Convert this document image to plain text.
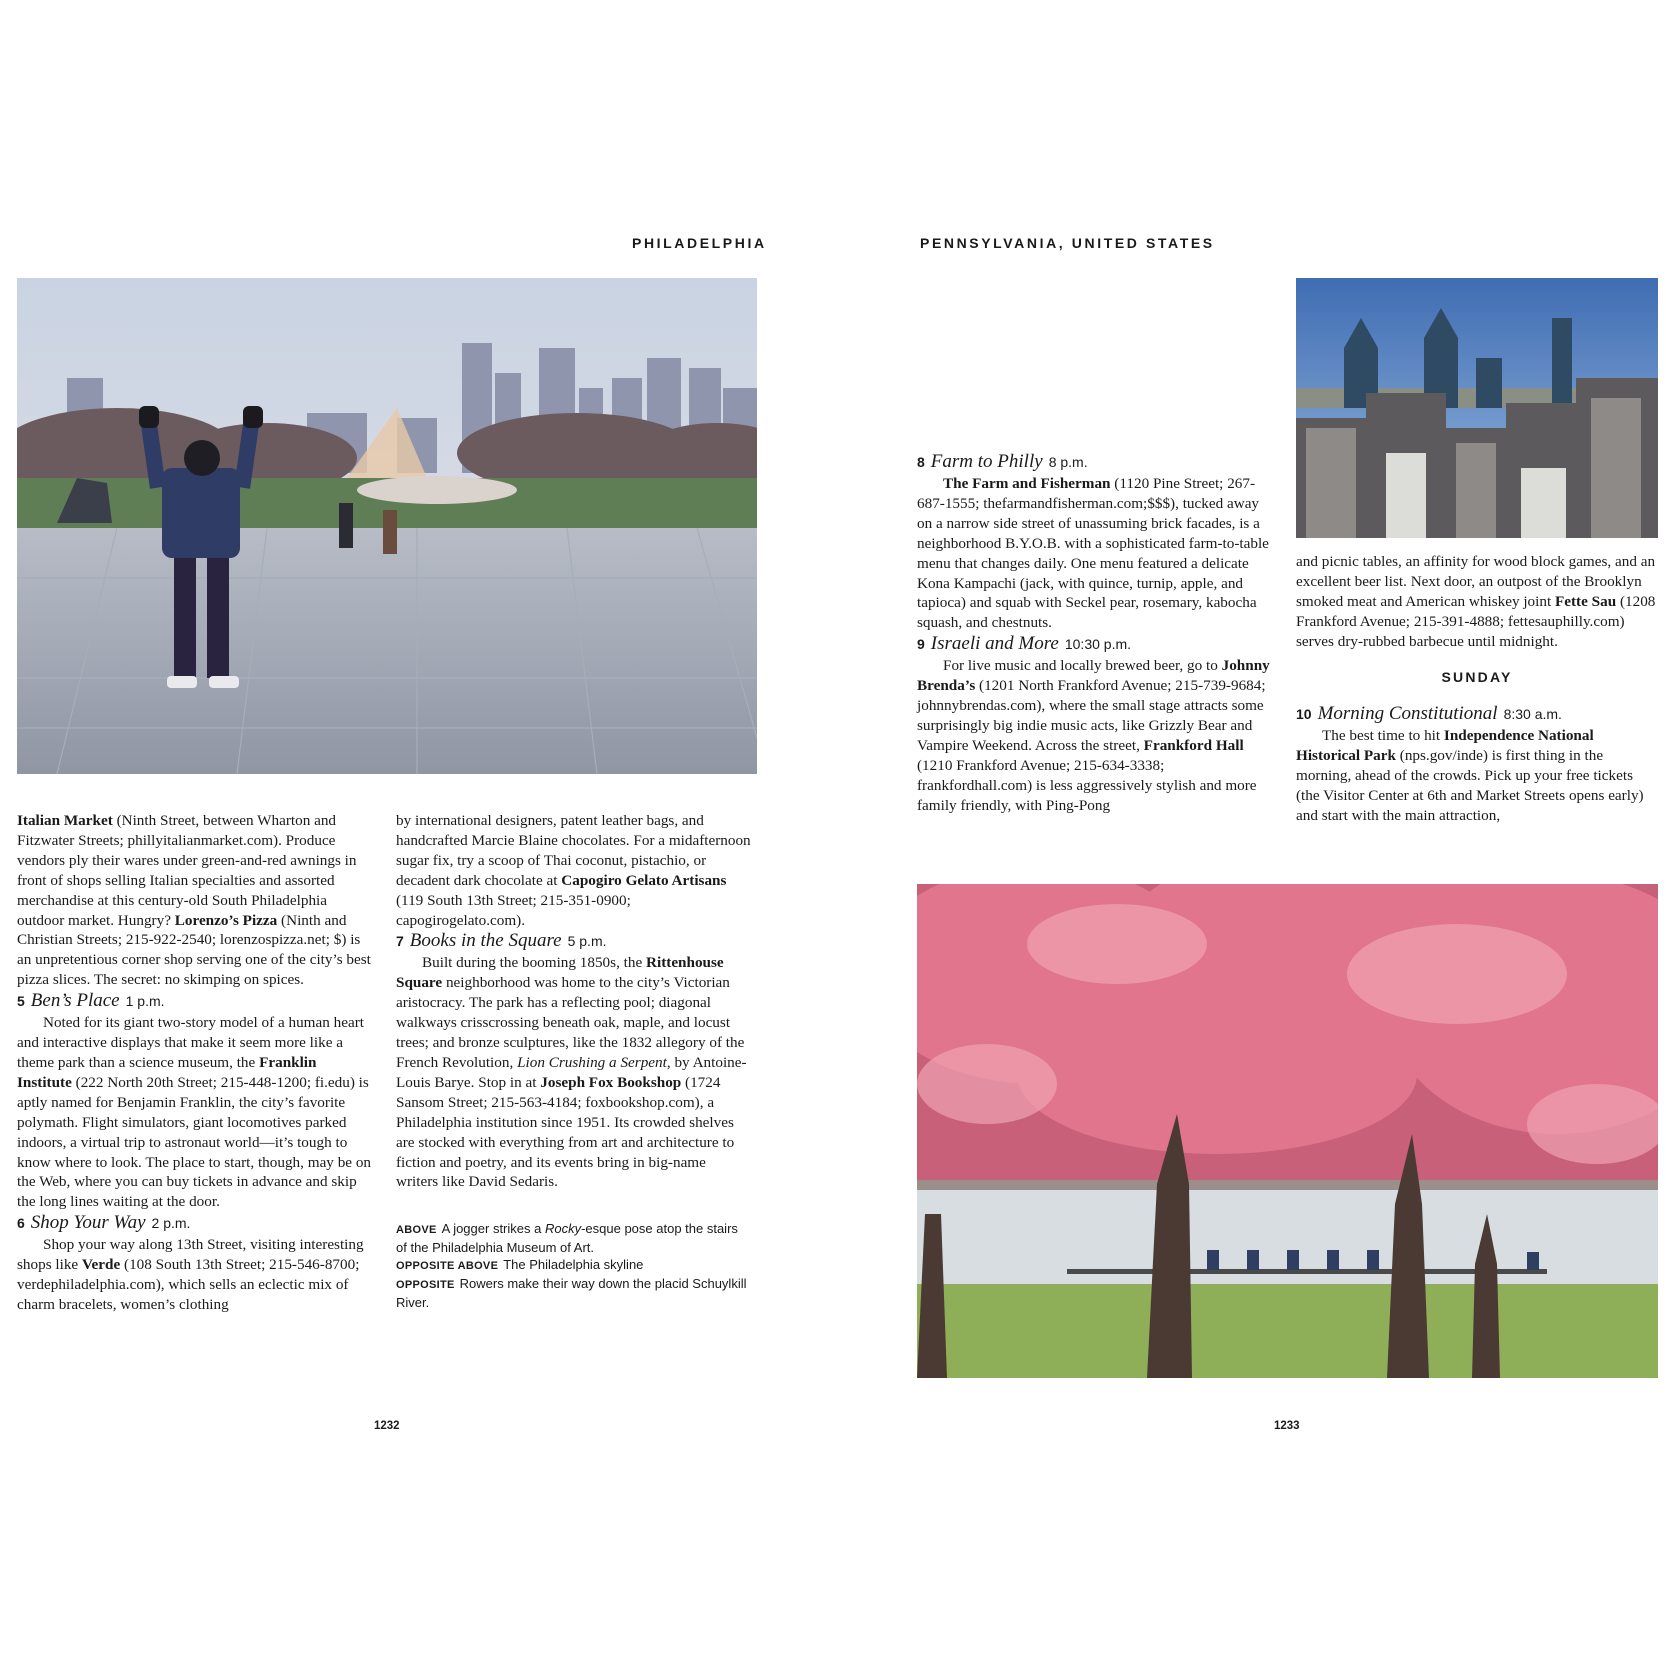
PHILADELPHIA	PENNSYLVANIA, UNITED STATES

Italian Market (Ninth Street, between Wharton and Fitzwater Streets; phillyitalianmarket.com). Produce vendors ply their wares under green-and-red awnings in front of shops selling Italian specialties and assorted merchandise at this century-old South Philadelphia outdoor market. Hungry? Lorenzo’s Pizza (Ninth and Christian Streets; 215-922-2540; lorenzospizza.net; $) is an unpretentious corner shop serving one of the city’s best pizza slices. The secret: no skimping on spices.

5 Ben’s Place 1 p.m.

Noted for its giant two-story model of a human heart and interactive displays that make it seem more like a theme park than a science museum, the Franklin Institute (222 North 20th Street; 215-448-1200; fi.edu) is aptly named for Benjamin Franklin, the city’s favorite polymath. Flight simulators, giant locomotives parked indoors, a virtual trip to astronaut world—it’s tough to know where to look. The place to start, though, may be on the Web, where you can buy tickets in advance and skip the long lines waiting at the door.

6 Shop Your Way 2 p.m.

Shop your way along 13th Street, visiting interesting shops like Verde (108 South 13th Street; 215-546-8700; verdephiladelphia.com), which sells an eclectic mix of charm bracelets, women’s clothing

by international designers, patent leather bags, and handcrafted Marcie Blaine chocolates. For a midafternoon sugar fix, try a scoop of Thai coconut, pistachio, or decadent dark chocolate at Capogiro Gelato Artisans (119 South 13th Street; 215-351-0900; capogirogelato.com).

7 Books in the Square 5 p.m.

Built during the booming 1850s, the Rittenhouse Square neighborhood was home to the city’s Victorian aristocracy. The park has a reflecting pool; diagonal walkways crisscrossing beneath oak, maple, and locust trees; and bronze sculptures, like the 1832 allegory of the French Revolution, Lion Crushing a Serpent, by Antoine-Louis Barye. Stop in at Joseph Fox Bookshop (1724 Sansom Street; 215-563-4184; foxbookshop.com), a Philadelphia institution since 1951. Its crowded shelves are stocked with everything from art and architecture to fiction and poetry, and its events bring in big-name writers like David Sedaris.

ABOVE A jogger strikes a Rocky-esque pose atop the stairs of the Philadelphia Museum of Art.

OPPOSITE ABOVE The Philadelphia skyline

OPPOSITE Rowers make their way down the placid Schuylkill River.

8 Farm to Philly 8 p.m.

The Farm and Fisherman (1120 Pine Street; 267-687-1555; thefarmandfisherman.com;$$$), tucked away on a narrow side street of unassuming brick facades, is a neighborhood B.Y.O.B. with a sophisticated farm-to-table menu that changes daily. One menu featured a delicate Kona Kampachi (jack, with quince, turnip, apple, and tapioca) and squab with Seckel pear, rosemary, kabocha squash, and chestnuts.

9 Israeli and More 10:30 p.m.

For live music and locally brewed beer, go to Johnny Brenda’s (1201 North Frankford Avenue; 215-739-9684; johnnybrendas.com), where the small stage attracts some surprisingly big indie music acts, like Grizzly Bear and Vampire Weekend. Across the street, Frankford Hall (1210 Frankford Avenue; 215-634-3338; frankfordhall.com) is less aggressively stylish and more family friendly, with Ping-Pong

and picnic tables, an affinity for wood block games, and an excellent beer list. Next door, an outpost of the Brooklyn smoked meat and American whiskey joint Fette Sau (1208 Frankford Avenue; 215-391-4888; fettesauphilly.com) serves dry-rubbed barbecue until midnight.

SUNDAY

10 Morning Constitutional 8:30 a.m.

The best time to hit Independence National Historical Park (nps.gov/inde) is first thing in the morning, ahead of the crowds. Pick up your free tickets (the Visitor Center at 6th and Market Streets opens early) and start with the main attraction,

1232	1233
